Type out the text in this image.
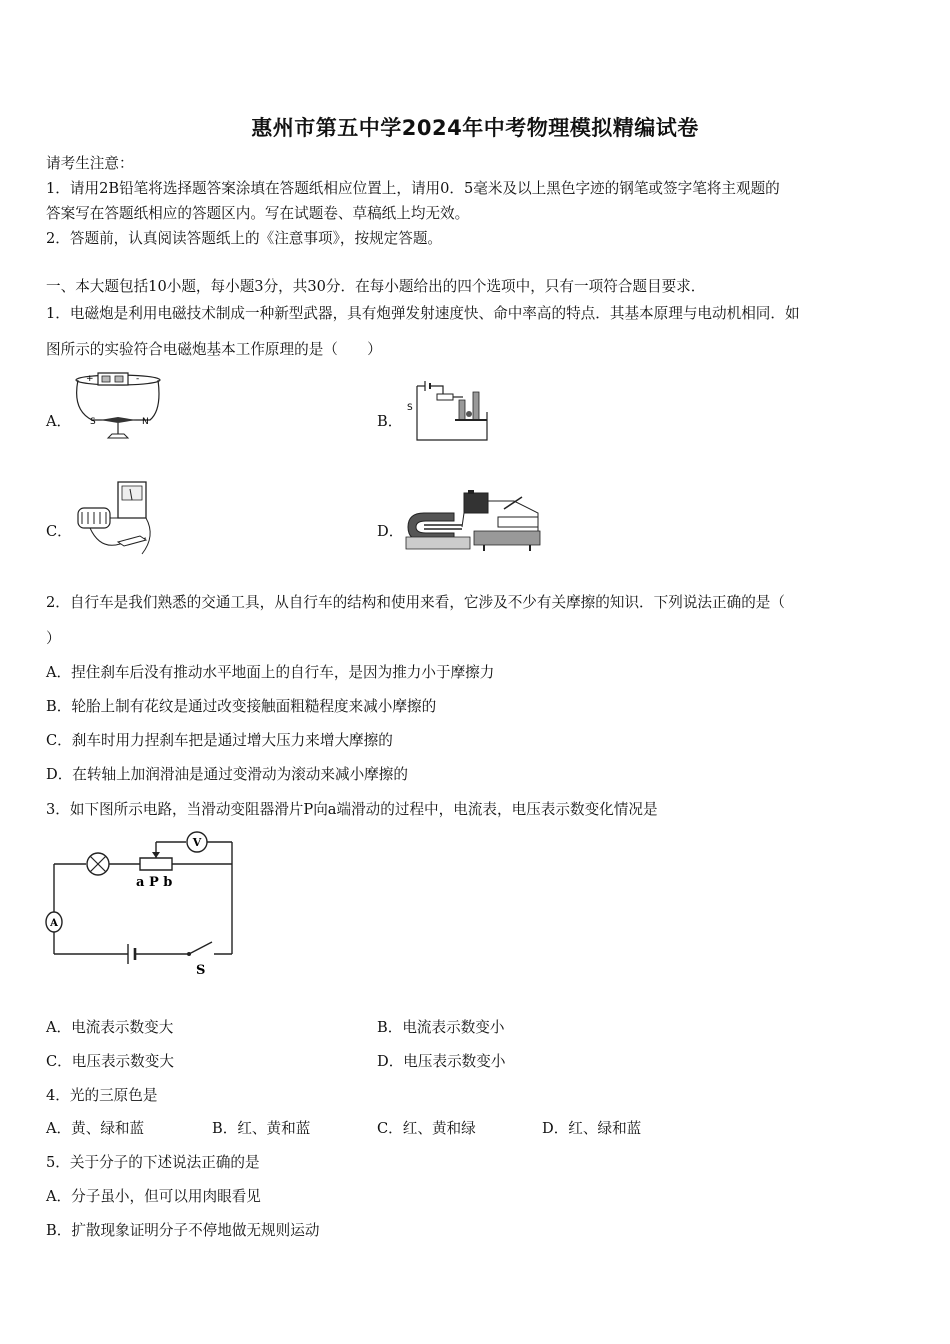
惠州市第五中学2024年中考物理模拟精编试卷
请考生注意：
1．请用2B铅笔将选择题答案涂填在答题纸相应位置上，请用0．5毫米及以上黑色字迹的钢笔或签字笔将主观题的
答案写在答题纸相应的答题区内。写在试题卷、草稿纸上均无效。
2．答题前，认真阅读答题纸上的《注意事项》，按规定答题。
一、本大题包括10小题，每小题3分，共30分．在每小题给出的四个选项中，只有一项符合题目要求．
1．电磁炮是利用电磁技术制成一种新型武器，具有炮弹发射速度快、命中率高的特点．其基本原理与电动机相同．如
图所示的实验符合电磁炮基本工作原理的是（　　）
A．	B．
C．	D．
+	-
S	N
S
2．自行车是我们熟悉的交通工具，从自行车的结构和使用来看，它涉及不少有关摩擦的知识．下列说法正确的是（
）
A．捏住刹车后没有推动水平地面上的自行车，是因为推力小于摩擦力
B．轮胎上制有花纹是通过改变接触面粗糙程度来减小摩擦的
C．刹车时用力捏刹车把是通过增大压力来增大摩擦的
D．在转轴上加润滑油是通过变滑动为滚动来减小摩擦的
3．如下图所示电路，当滑动变阻器滑片P向a端滑动的过程中，电流表，电压表示数变化情况是
V
a P b
A
S
A．电流表示数变大	B．电流表示数变小
C．电压表示数变大	D．电压表示数变小
4．光的三原色是
A．黄、绿和蓝	B．红、黄和蓝	C．红、黄和绿	D．红、绿和蓝
5．关于分子的下述说法正确的是
A．分子虽小，但可以用肉眼看见
B．扩散现象证明分子不停地做无规则运动
